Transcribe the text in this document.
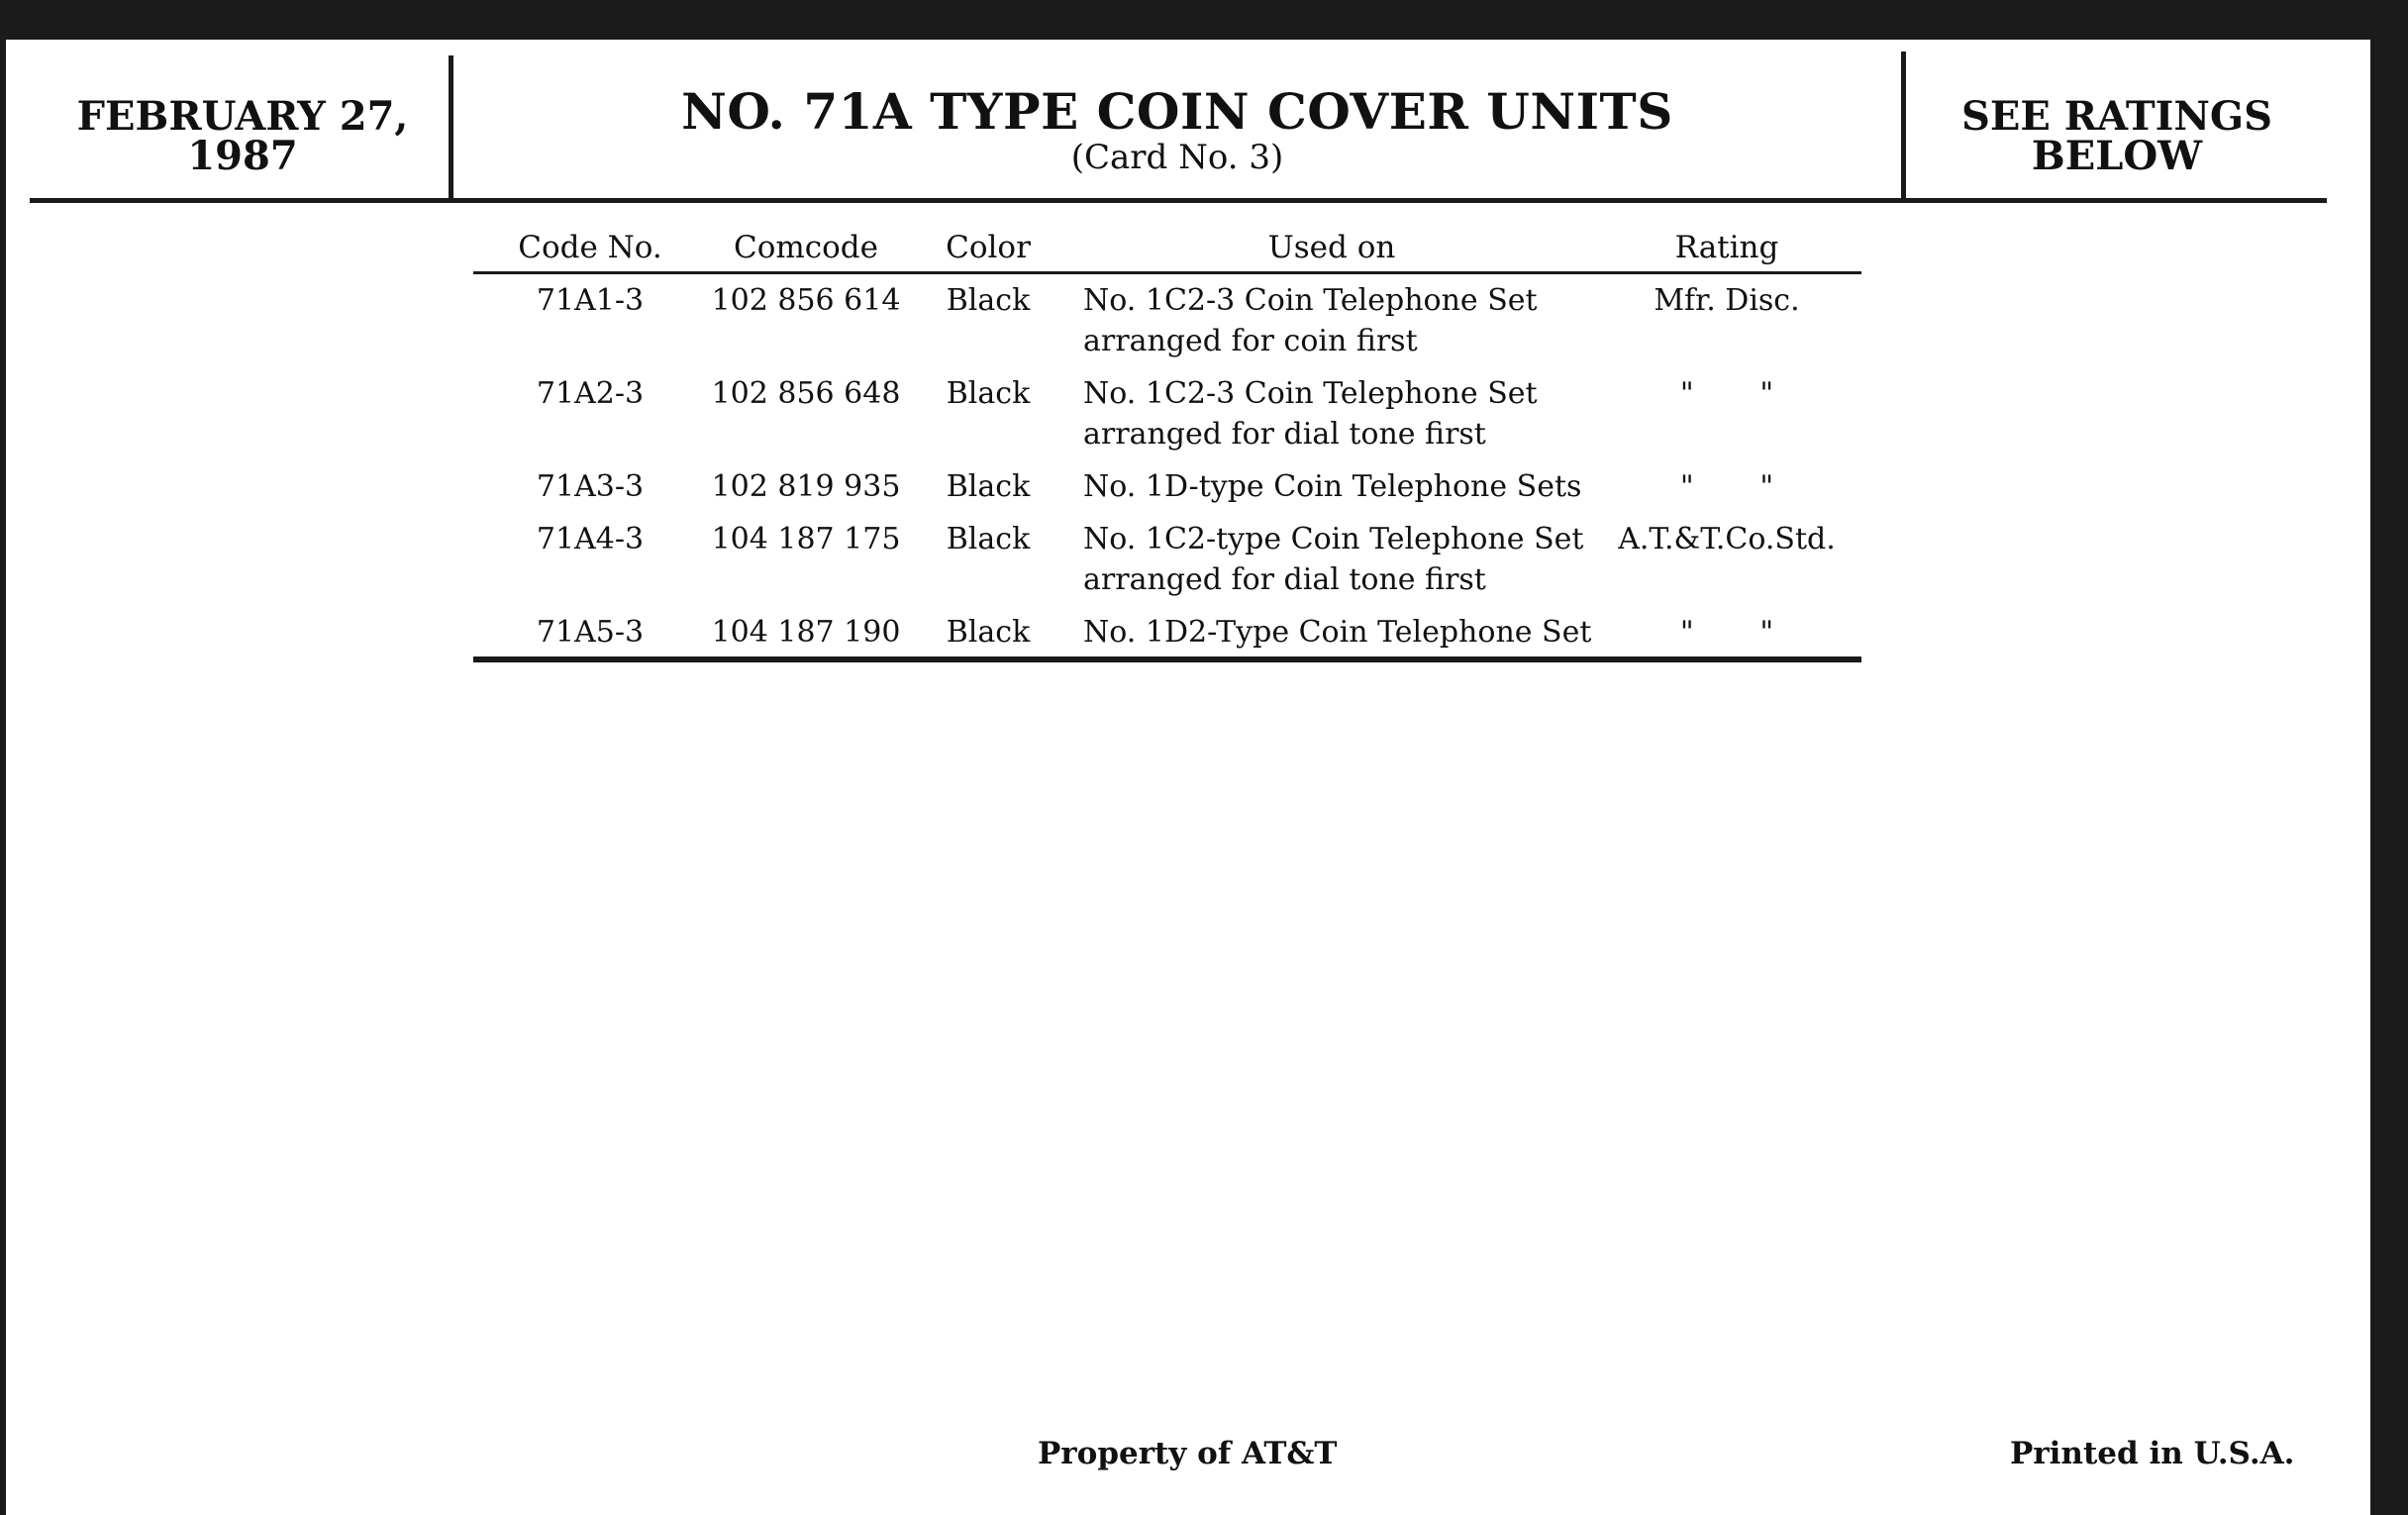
FEBRUARY 27, 1987
NO. 71A TYPE COIN COVER UNITS
(Card No. 3)
SEE RATINGS BELOW
Code No.	Comcode	Color	Used on	Rating
71A1-3	102 856 614	Black	No. 1C2-3 Coin Telephone Set arranged for coin first	Mfr. Disc.
71A2-3	102 856 648	Black	No. 1C2-3 Coin Telephone Set arranged for dial tone first	"       "
71A3-3	102 819 935	Black	No. 1D-type Coin Telephone Sets	"       "
71A4-3	104 187 175	Black	No. 1C2-type Coin Telephone Set arranged for dial tone first	A.T.&T.Co.Std.
71A5-3	104 187 190	Black	No. 1D2-Type Coin Telephone Set	"       "
Property of AT&T	Printed in U.S.A.
